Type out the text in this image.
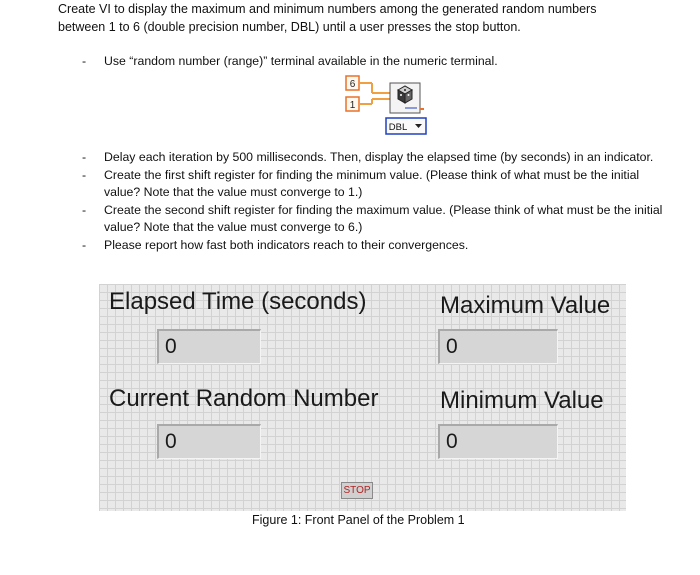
Create VI to display the maximum and minimum numbers among the generated random numbers
between 1 to 6 (double precision number, DBL) until a user presses the stop button.
- Use “random number (range)” terminal available in the numeric terminal.
6
1
DBL
- Delay each iteration by 500 milliseconds. Then, display the elapsed time (by seconds) in an indicator.
- Create the first shift register for finding the minimum value. (Please think of what must be the initial value? Note that the value must converge to 1.)
- Create the second shift register for finding the maximum value. (Please think of what must be the initial value? Note that the value must converge to 6.)
- Please report how fast both indicators reach to their convergences.
Elapsed Time (seconds)
0
Maximum Value
0
Current Random Number
0
Minimum Value
0
STOP
Figure 1: Front Panel of the Problem 1
